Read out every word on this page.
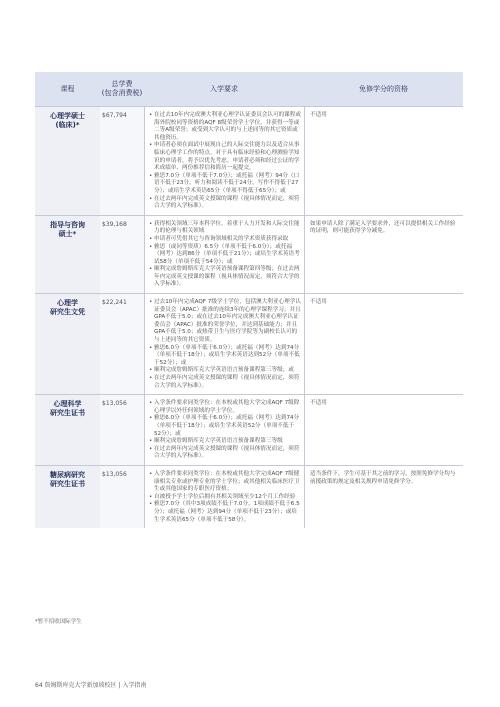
课程
总学费
(包含消费税)
入学要求	免修学分的资格
心理学硕士
(临床)*
$67,794	• 在过去10年内完成澳大利亚心理学认证委员会认可的课程或海外院校同等资格的AQF 8级荣誉学士学位，并获得一等或二等A级荣誉；或受到大学认可的与上述同等的其它资质或其他资历。
• 申请者必须在面试中展现自己的人际交往能力以及适合从事临床心理学工作的特点。对于具有临床经验和心理测验学知识的申请者，将予以优先考虑。申请者必须和经过公证的学术成绩单、两份推荐信和简历一起提交。
• 雅思7.0分（单项不低于7.0分）；或托福（网考）94分（口语不低于23分，听力和阅读不低于24分，写作不得低于27分）；或培生学术英语65分（单项不得低于65分）；或
• 在过去两年内完成英文授课的课程（视具体情况而定，须符合大学的入学标准）。
不适用
指导与咨询
硕士*
$39,168	• 获得相关领域三年本科学位，着重于人力开发和人际交往能力的伦理与相关领域
• 申请者可凭借其它与咨询领域相关的学术资质获得录取
• 雅思（或同等资质）6.5分（单项不低于6.0分）；或托福（网考）达到86分（单项不低于21分）；或培生学术英语考试58分（单项不低于54分）；或
• 顺利完成詹姆斯库克大学英语预备课程第四等级；在过去两年内完成英文授课的课程（视具体情况而定，须符合大学的入学标准）。
如果申请人除了满足入学要求外，还可以提供相关工作经验的证明，则可能获得学分减免。
心理学
研究生文凭
$22,241	• 过去10年内完成AQF 7级学士学位，包括澳大利亚心理学认证委员会（APAC）批准的连续3年的心理学课程学习；并且GPA不低于5.0；或在过去10年内完成澳大利亚心理学认证委员会（APAC）批准的荣誉学位，并达到基础能力；并且GPA不低于5.0；或热带卫生与医疗学院等为副校长认可的与上述同等的其它资质。
• 雅思6.0分（单项不低于6.0分）；或托福（网考）达到74分（单项不低于18分）；或培生学术英语达到52分（单项不低于52分）；或
• 顺利完成詹姆斯库克大学英语语言预备课程第三等级；或
• 在过去两年内完成英文授课的课程（视具体情况而定，须符合大学的入学标准）。
不适用
心理科学
研究生证书
$13,056	• 入学条件要求同类学位：在本校或其他大学完成AQF 7级除心理学以外任何领域的学士学位。
• 雅思6.0分（单项不低于6.0分）；或托福（网考）达到74分（单项不低于18分）；或培生学术英语52分（单项不低于52分）；或
• 顺利完成詹姆斯库克大学英语语言预备课程第三等级
• 在过去两年内完成英文授课的课程（视具体情况而定，须符合大学的入学标准）。
不适用
糖尿病研究
研究生证书
$13,056	• 入学条件要求同类学位：在本校或其他大学完成AQF 7级健康相关专业或护理专业的学士学位；或其他相关临床医疗卫生或其他国家的专职医疗资格；
• 自被授予学士学位后拥有其相关领域至少12个月工作经验
• 雅思7.0分（其中3项成绩不低于7.0分，1项成绩不低于6.5分）；或托福（网考）达到94分（单项不低于23分）；或培生学术英语65分（单项不低于58分）。
适当条件下，学生可基于其之前的学习，按照免修学分均与前援政策的规定及相关规程申请免修学分。
*暂不招收国际学生
64 詹姆斯库克大学新加坡校区 | 入学指南
